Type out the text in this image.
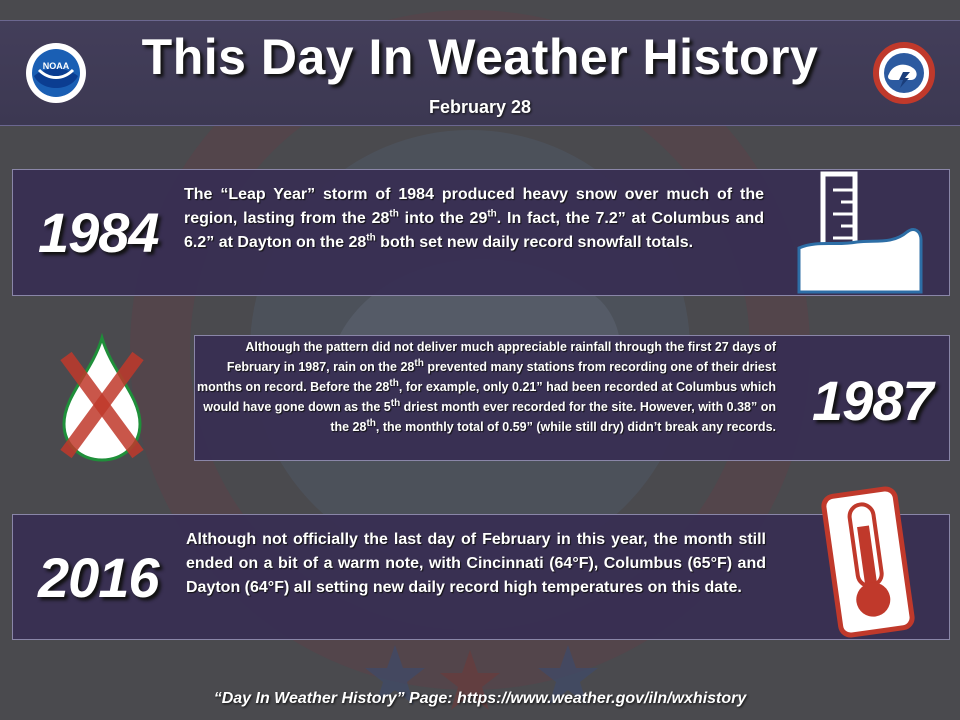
NOAA	This Day In Weather History
February 28
1984
The “Leap Year” storm of 1984 produced heavy snow over much of the region, lasting from the 28th into the 29th. In fact, the 7.2” at Columbus and 6.2” at Dayton on the 28th both set new daily record snowfall totals.
Although the pattern did not deliver much appreciable rainfall through the first 27 days of February in 1987, rain on the 28th prevented many stations from recording one of their driest months on record. Before the 28th, for example, only 0.21” had been recorded at Columbus which would have gone down as the 5th driest month ever recorded for the site. However, with 0.38” on the 28th, the monthly total of 0.59” (while still dry) didn’t break any records. 1987
2016
Although not officially the last day of February in this year, the month still ended on a bit of a warm note, with Cincinnati (64°F), Columbus (65°F) and Dayton (64°F) all setting new daily record high temperatures on this date.
“Day In Weather History” Page: https://www.weather.gov/iln/wxhistory
